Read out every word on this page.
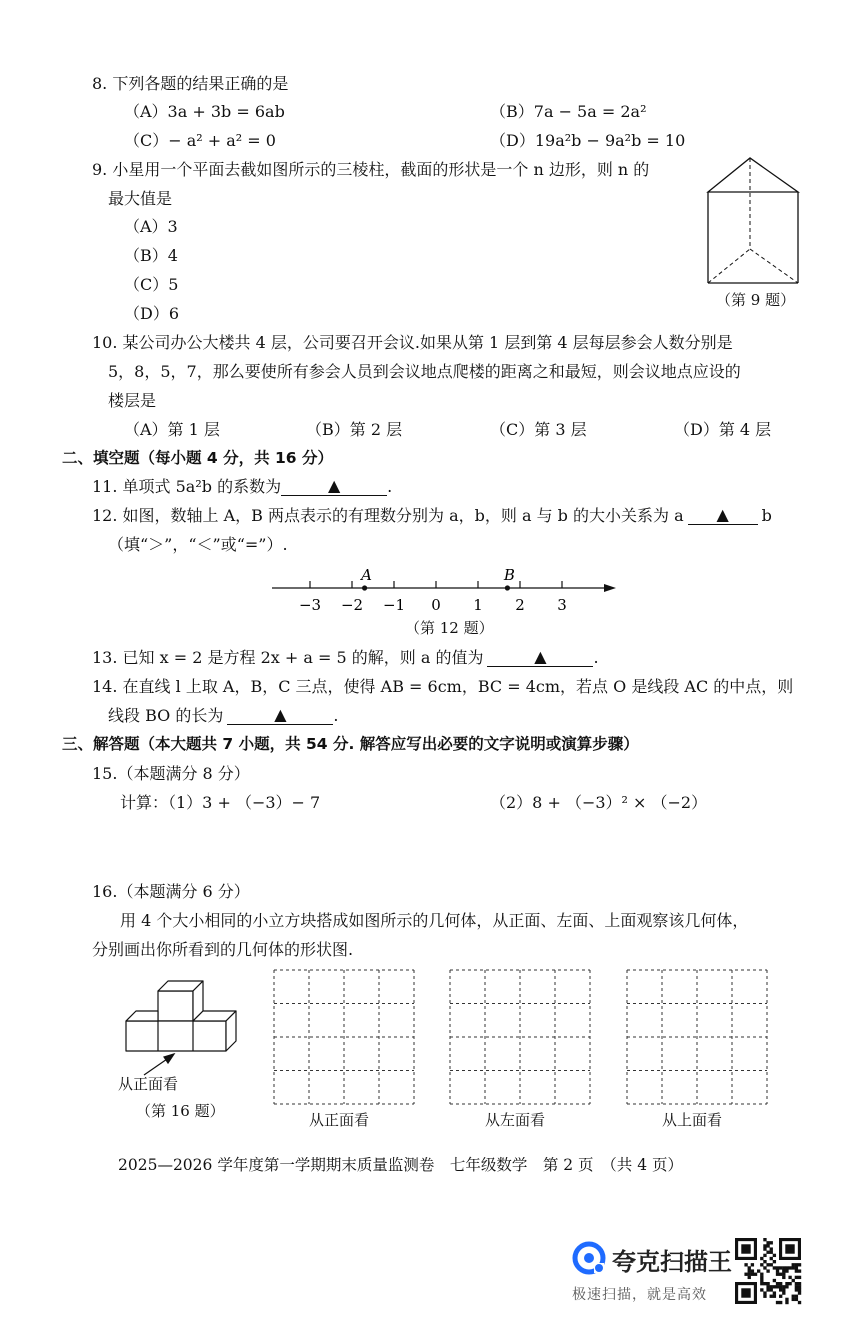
8. 下列各题的结果正确的是
（A）3a + 3b = 6ab	（B）7a − 5a = 2a²
（C）− a² + a² = 0	（D）19a²b − 9a²b = 10
9. 小星用一个平面去截如图所示的三棱柱，截面的形状是一个 n 边形，则 n 的
最大值是
（A）3
（B）4
（C）5
（D）6
（第 9 题）
10. 某公司办公大楼共 4 层，公司要召开会议.如果从第 1 层到第 4 层每层参会人数分别是
5，8，5，7，那么要使所有参会人员到会议地点爬楼的距离之和最短，则会议地点应设的
楼层是
（A）第 1 层	（B）第 2 层	（C）第 3 层	（D）第 4 层
二、填空题（每小题 4 分，共 16 分）
11. 单项式 5a²b 的系数为	▲	.
12. 如图，数轴上 A，B 两点表示的有理数分别为 a，b，则 a 与 b 的大小关系为 a ▲ b
（填“＞”，“＜”或“=”）.
−3 −2 −1 0 1 2 3
A	B
（第 12 题）
13. 已知 x = 2 是方程 2x + a = 5 的解，则 a 的值为	▲	.
14. 在直线 l 上取 A，B，C 三点，使得 AB = 6cm，BC = 4cm，若点 O 是线段 AC 的中点，则
线段 BO 的长为	▲	.
三、解答题（本大题共 7 小题，共 54 分. 解答应写出必要的文字说明或演算步骤）
15.（本题满分 8 分）
计算：（1）3 + （−3）− 7	（2）8 + （−3）² × （−2）
16.（本题满分 6 分）
用 4 个大小相同的小立方块搭成如图所示的几何体，从正面、左面、上面观察该几何体，
分别画出你所看到的几何体的形状图.
从正面看
（第 16 题）	从正面看	从左面看	从上面看
2025—2026 学年度第一学期期末质量监测卷　七年级数学　第 2 页　（共 4 页）
夸克扫描王
极速扫描，就是高效
